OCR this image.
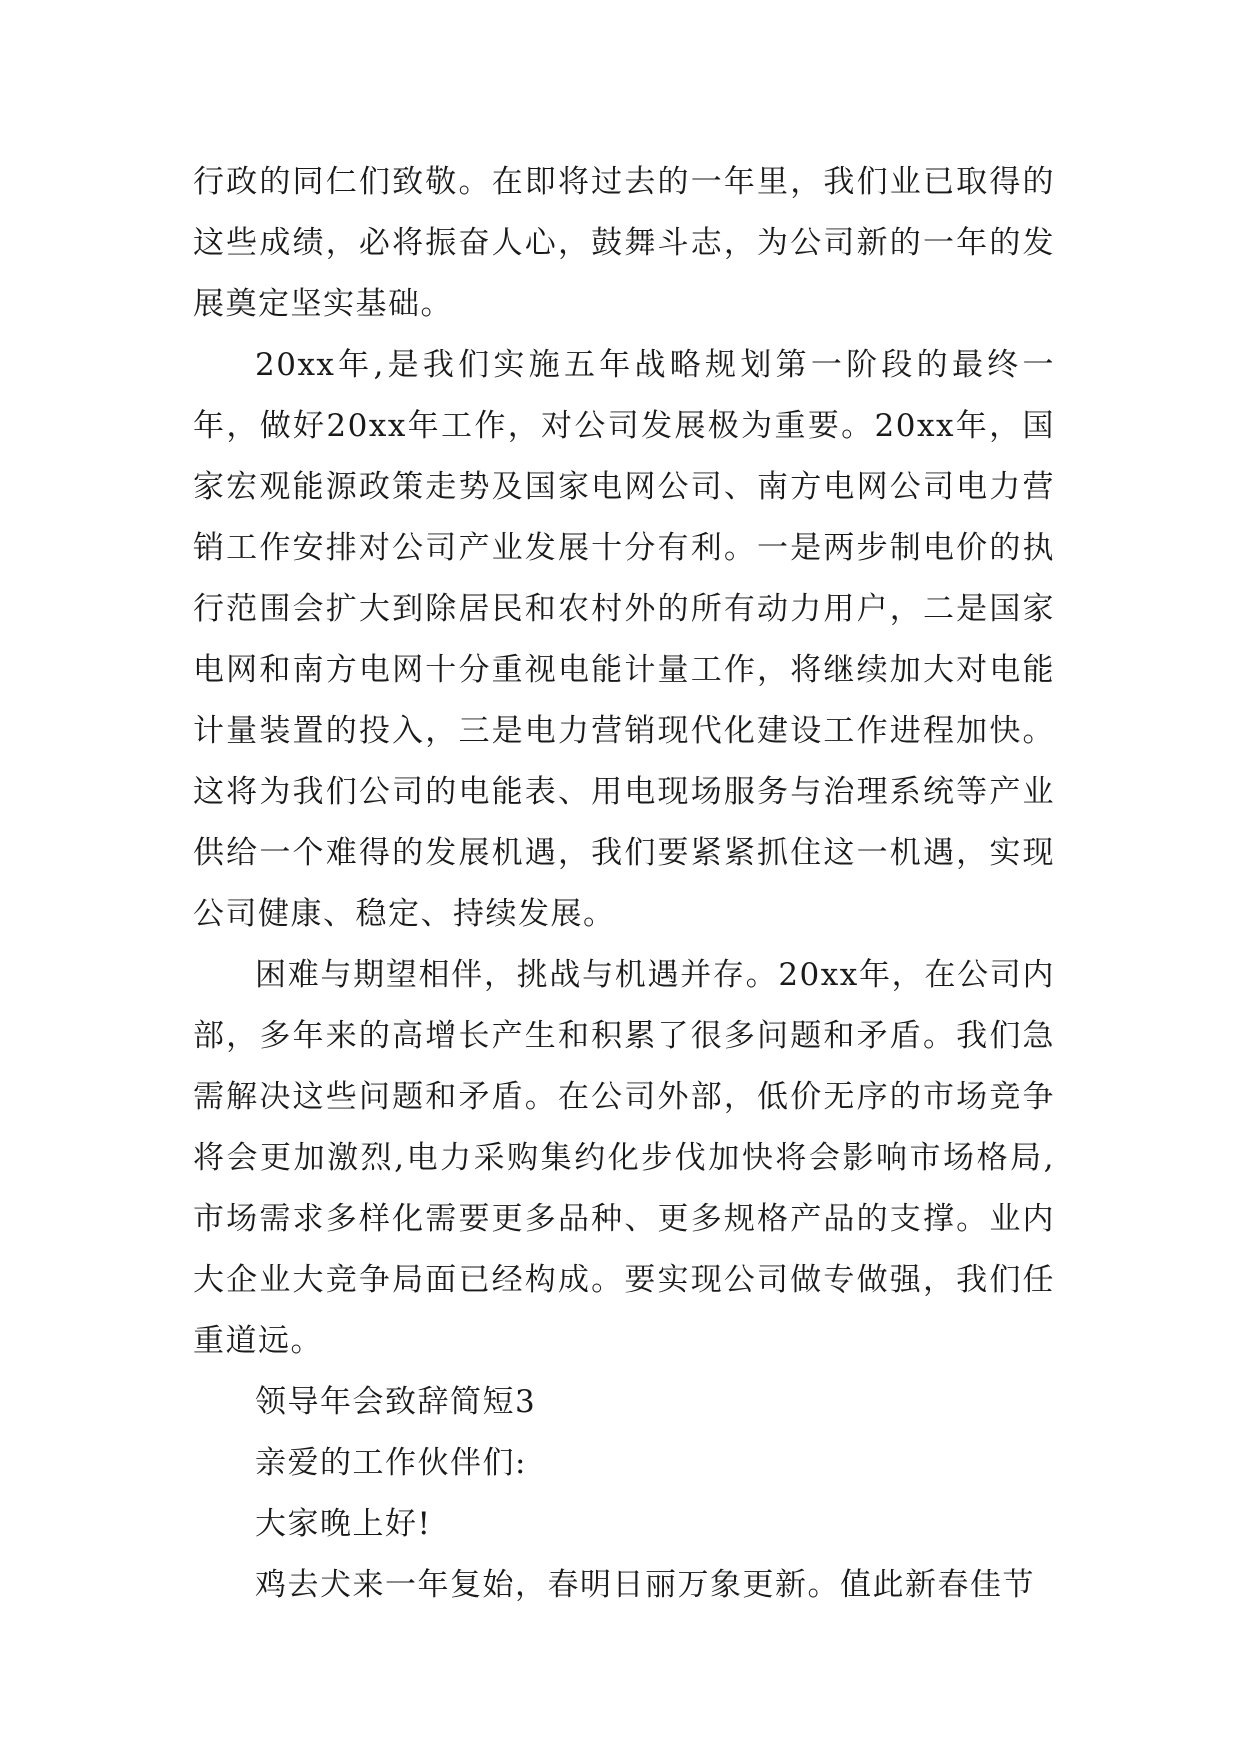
行政的同仁们致敬。在即将过去的一年里，我们业已取得的这些成绩，必将振奋人心，鼓舞斗志，为公司新的一年的发展奠定坚实基础。

20xx年,是我们实施五年战略规划第一阶段的最终一年，做好20xx年工作，对公司发展极为重要。20xx年，国家宏观能源政策走势及国家电网公司、南方电网公司电力营销工作安排对公司产业发展十分有利。一是两步制电价的执行范围会扩大到除居民和农村外的所有动力用户，二是国家电网和南方电网十分重视电能计量工作，将继续加大对电能计量装置的投入，三是电力营销现代化建设工作进程加快。这将为我们公司的电能表、用电现场服务与治理系统等产业供给一个难得的发展机遇，我们要紧紧抓住这一机遇，实现公司健康、稳定、持续发展。

困难与期望相伴，挑战与机遇并存。20xx年，在公司内部，多年来的高增长产生和积累了很多问题和矛盾。我们急需解决这些问题和矛盾。在公司外部，低价无序的市场竞争将会更加激烈,电力采购集约化步伐加快将会影响市场格局,市场需求多样化需要更多品种、更多规格产品的支撑。业内大企业大竞争局面已经构成。要实现公司做专做强，我们任重道远。

领导年会致辞简短3

亲爱的工作伙伴们:

大家晚上好!

鸡去犬来一年复始，春明日丽万象更新。值此新春佳节
